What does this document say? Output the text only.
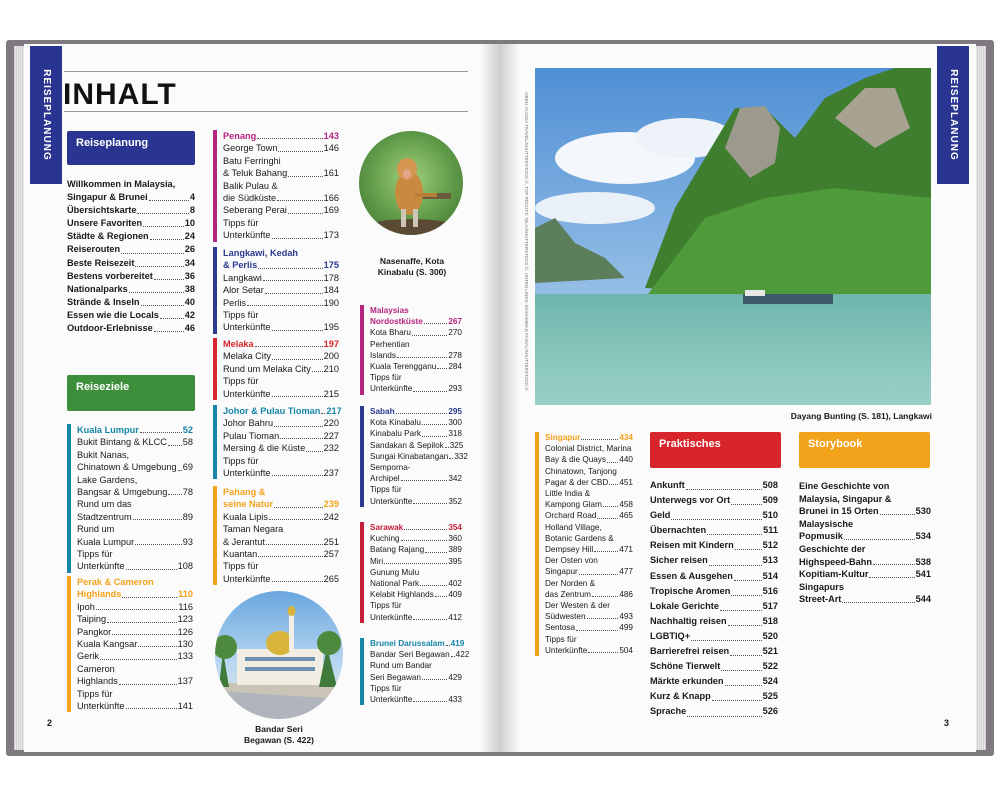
REISEPLANUNG	REISEPLANUNG
INHALT
Reiseplanung
Willkommen in Malaysia,
Singapur & Brunei	4
Übersichtskarte	8
Unsere Favoriten	10
Städte & Regionen	24
Reiserouten	26
Beste Reisezeit	34
Bestens vorbereitet	36
Nationalparks	38
Strände & Inseln	40
Essen wie die Locals	42
Outdoor-Erlebnisse	46
Reiseziele
Kuala Lumpur	52
Bukit Bintang & KLCC 58
Bukit Nanas,
Chinatown & Umgebung 69
Lake Gardens,
Bangsar & Umgebung 78
Rund um das
Stadtzentrum	89
Rund um
Kuala Lumpur	93
Tipps für
Unterkünfte	108
Perak & Cameron
Highlands	110
Ipoh	116
Taiping	123
Pangkor	126
Kuala Kangsar	130
Gerik	133
Cameron
Highlands	137
Tipps für
Unterkünfte	141
Penang	143
George Town	146
Batu Ferringhi
& Teluk Bahang	161
Balik Pulau &
die Südküste	166
Seberang Perai	169
Tipps für
Unterkünfte	173
Langkawi, Kedah
& Perlis	175
Langkawi	178
Alor Setar	184
Perlis	190
Tipps für
Unterkünfte	195
Melaka	197
Melaka City	200
Rund um Melaka City 210
Tipps für
Unterkünfte	215
Johor & Pulau Tioman 217
Johor Bahru	220
Pulau Tioman	227
Mersing & die Küste 232
Tipps für
Unterkünfte	237
Pahang &
seine Natur	239
Kuala Lipis	242
Taman Negara
& Jerantut	251
Kuantan	257
Tipps für
Unterkünfte	265
Malaysias
Nordostküste	267
Kota Bharu	270
Perhentian
Islands	278
Kuala Terengganu 284
Tipps für
Unterkünfte	293
Sabah	295
Kota Kinabalu	300
Kinabalu Park	318
Sandakan & Sepilok 325
Sungai Kinabatangan 332
Semporna-
Archipel	342
Tipps für
Unterkünfte	352
Sarawak	354
Kuching	360
Batang Rajang	389
Miri	395
Gunung Mulu
National Park	402
Kelabit Highlands 409
Tipps für
Unterkünfte	412
Brunei Darussalam 419
Bandar Seri Begawan 422
Rund um Bandar
Seri Begawan	429
Tipps für
Unterkünfte	433
Nasenaffe, Kota
Kinabalu (S. 300)
Bandar Seri
Begawan (S. 422)
Dayang Bunting (S. 181), Langkawi
OBEN: KUNGA TRAVEL/SHUTTERSTOCK ©, TOP RECHTS: NILA/SHUTTERSTOCK ©, UNTEN LINKS: MUHAMMAD FAISAL/SHUTTERSTOCK ©
Singapur	434
Colonial District, Marina
Bay & die Quays 440
Chinatown, Tanjong
Pagar & der CBD 451
Little India &
Kampong Glam 458
Orchard Road	465
Holland Village,
Botanic Gardens &
Dempsey Hill	471
Der Osten von
Singapur	477
Der Norden &
das Zentrum	486
Der Westen & der
Südwesten	493
Sentosa	499
Tipps für
Unterkünfte	504
Praktisches
Ankunft	508
Unterwegs vor Ort	509
Geld	510
Übernachten	511
Reisen mit Kindern	512
Sicher reisen	513
Essen & Ausgehen	514
Tropische Aromen	516
Lokale Gerichte	517
Nachhaltig reisen	518
LGBTIQ+	520
Barrierefrei reisen	521
Schöne Tierwelt	522
Märkte erkunden	524
Kurz & Knapp	525
Sprache	526
Storybook
Eine Geschichte von
Malaysia, Singapur &
Brunei in 15 Orten	530
Malaysische
Popmusik	534
Geschichte der
Highspeed-Bahn	538
Kopitiam-Kultur	541
Singapurs
Street-Art	544
2	3
